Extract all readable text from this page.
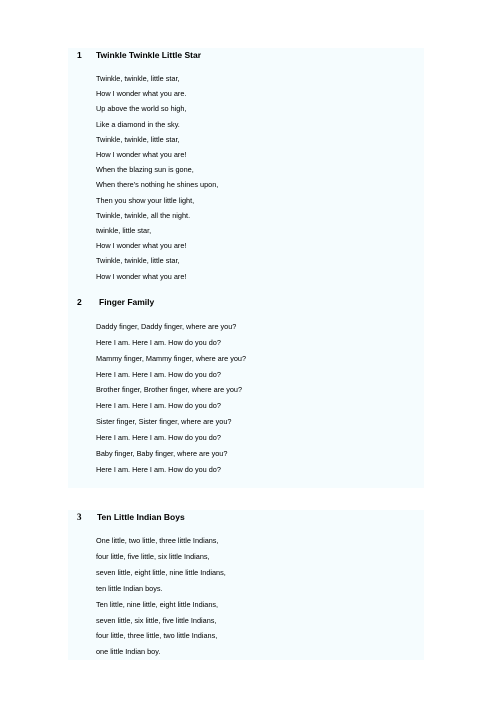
1 Twinkle Twinkle Little Star
Twinkle, twinkle, little star,
How I wonder what you are.
Up above the world so high,
Like a diamond in the sky.
Twinkle, twinkle, little star,
How I wonder what you are!
When the blazing sun is gone,
When there's nothing he shines upon,
Then you show your little light,
Twinkle, twinkle, all the night.
twinkle, little star,
How I wonder what you are!
Twinkle, twinkle, little star,
How I wonder what you are!
2 Finger Family
Daddy finger, Daddy finger, where are you?
Here I am. Here I am. How do you do?
Mammy finger, Mammy finger, where are you?
Here I am. Here I am. How do you do?
Brother finger, Brother finger, where are you?
Here I am. Here I am. How do you do?
Sister finger, Sister finger, where are you?
Here I am. Here I am. How do you do?
Baby finger, Baby finger, where are you?
Here I am. Here I am. How do you do?
3 Ten Little Indian Boys
One little, two little, three little Indians,
four little, five little, six little Indians,
seven little, eight little, nine little Indians,
ten little Indian boys.
Ten little, nine little, eight little Indians,
seven little, six little, five little Indians,
four little, three little, two little Indians,
one little Indian boy.
